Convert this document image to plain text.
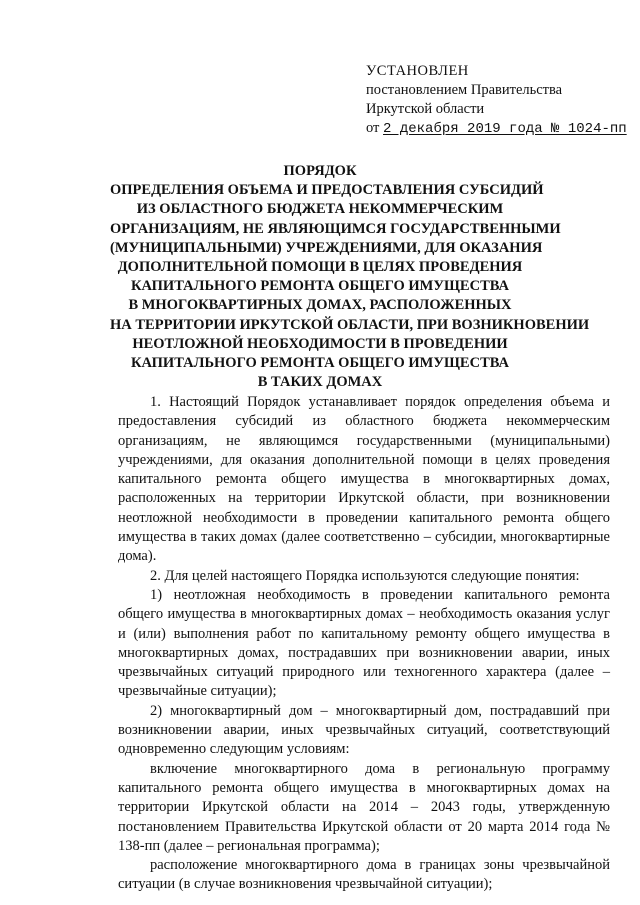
УСТАНОВЛЕН
постановлением Правительства
Иркутской области
от 2 декабря 2019 года № 1024-пп
ПОРЯДОК
ОПРЕДЕЛЕНИЯ ОБЪЕМА И ПРЕДОСТАВЛЕНИЯ СУБСИДИЙ
ИЗ ОБЛАСТНОГО БЮДЖЕТА НЕКОММЕРЧЕСКИМ
ОРГАНИЗАЦИЯМ, НЕ ЯВЛЯЮЩИМСЯ ГОСУДАРСТВЕННЫМИ
(МУНИЦИПАЛЬНЫМИ) УЧРЕЖДЕНИЯМИ, ДЛЯ ОКАЗАНИЯ
ДОПОЛНИТЕЛЬНОЙ ПОМОЩИ В ЦЕЛЯХ ПРОВЕДЕНИЯ
КАПИТАЛЬНОГО РЕМОНТА ОБЩЕГО ИМУЩЕСТВА
В МНОГОКВАРТИРНЫХ ДОМАХ, РАСПОЛОЖЕННЫХ
НА ТЕРРИТОРИИ ИРКУТСКОЙ ОБЛАСТИ, ПРИ ВОЗНИКНОВЕНИИ
НЕОТЛОЖНОЙ НЕОБХОДИМОСТИ В ПРОВЕДЕНИИ
КАПИТАЛЬНОГО РЕМОНТА ОБЩЕГО ИМУЩЕСТВА
В ТАКИХ ДОМАХ

1. Настоящий Порядок устанавливает порядок определения объема и предоставления субсидий из областного бюджета некоммерческим организациям, не являющимся государственными (муниципальными) учреждениями, для оказания дополнительной помощи в целях проведения капитального ремонта общего имущества в многоквартирных домах, расположенных на территории Иркутской области, при возникновении неотложной необходимости в проведении капитального ремонта общего имущества в таких домах (далее соответственно – субсидии, многоквартирные дома).

2. Для целей настоящего Порядка используются следующие понятия:

1) неотложная необходимость в проведении капитального ремонта общего имущества в многоквартирных домах – необходимость оказания услуг и (или) выполнения работ по капитальному ремонту общего имущества в многоквартирных домах, пострадавших при возникновении аварии, иных чрезвычайных ситуаций природного или техногенного характера (далее – чрезвычайные ситуации);

2) многоквартирный дом – многоквартирный дом, пострадавший при возникновении аварии, иных чрезвычайных ситуаций, соответствующий одновременно следующим условиям:

включение многоквартирного дома в региональную программу капитального ремонта общего имущества в многоквартирных домах на территории Иркутской области на 2014 – 2043 годы, утвержденную постановлением Правительства Иркутской области от 20 марта 2014 года № 138-пп (далее – региональная программа);

расположение многоквартирного дома в границах зоны чрезвычайной ситуации (в случае возникновения чрезвычайной ситуации);
